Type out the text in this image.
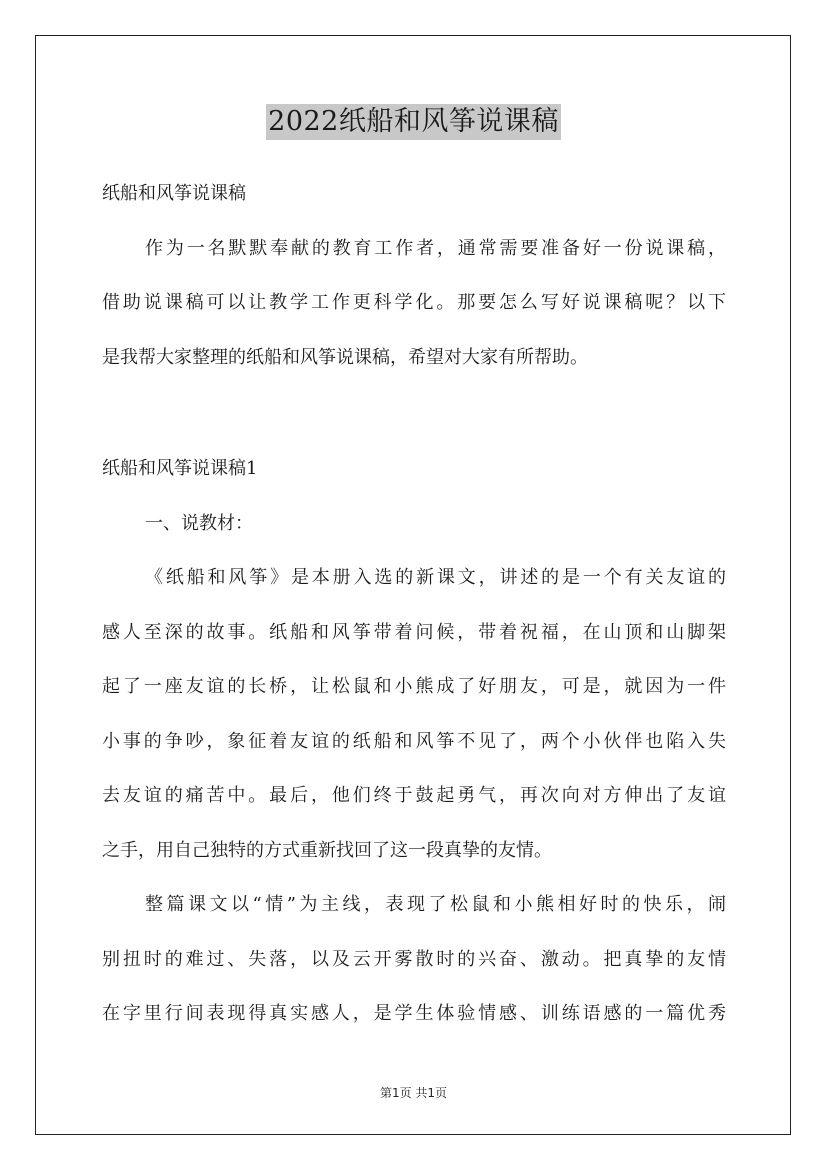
2022纸船和风筝说课稿
纸船和风筝说课稿
作为一名默默奉献的教育工作者，通常需要准备好一份说课稿，
借助说课稿可以让教学工作更科学化。那要怎么写好说课稿呢？以下
是我帮大家整理的纸船和风筝说课稿，希望对大家有所帮助。
纸船和风筝说课稿1
一、说教材：
《纸船和风筝》是本册入选的新课文，讲述的是一个有关友谊的
感人至深的故事。纸船和风筝带着问候，带着祝福，在山顶和山脚架
起了一座友谊的长桥，让松鼠和小熊成了好朋友，可是，就因为一件
小事的争吵，象征着友谊的纸船和风筝不见了，两个小伙伴也陷入失
去友谊的痛苦中。最后，他们终于鼓起勇气，再次向对方伸出了友谊
之手，用自己独特的方式重新找回了这一段真挚的友情。
整篇课文以“情”为主线，表现了松鼠和小熊相好时的快乐，闹
别扭时的难过、失落，以及云开雾散时的兴奋、激动。把真挚的友情
在字里行间表现得真实感人，是学生体验情感、训练语感的一篇优秀
第1页 共1页
